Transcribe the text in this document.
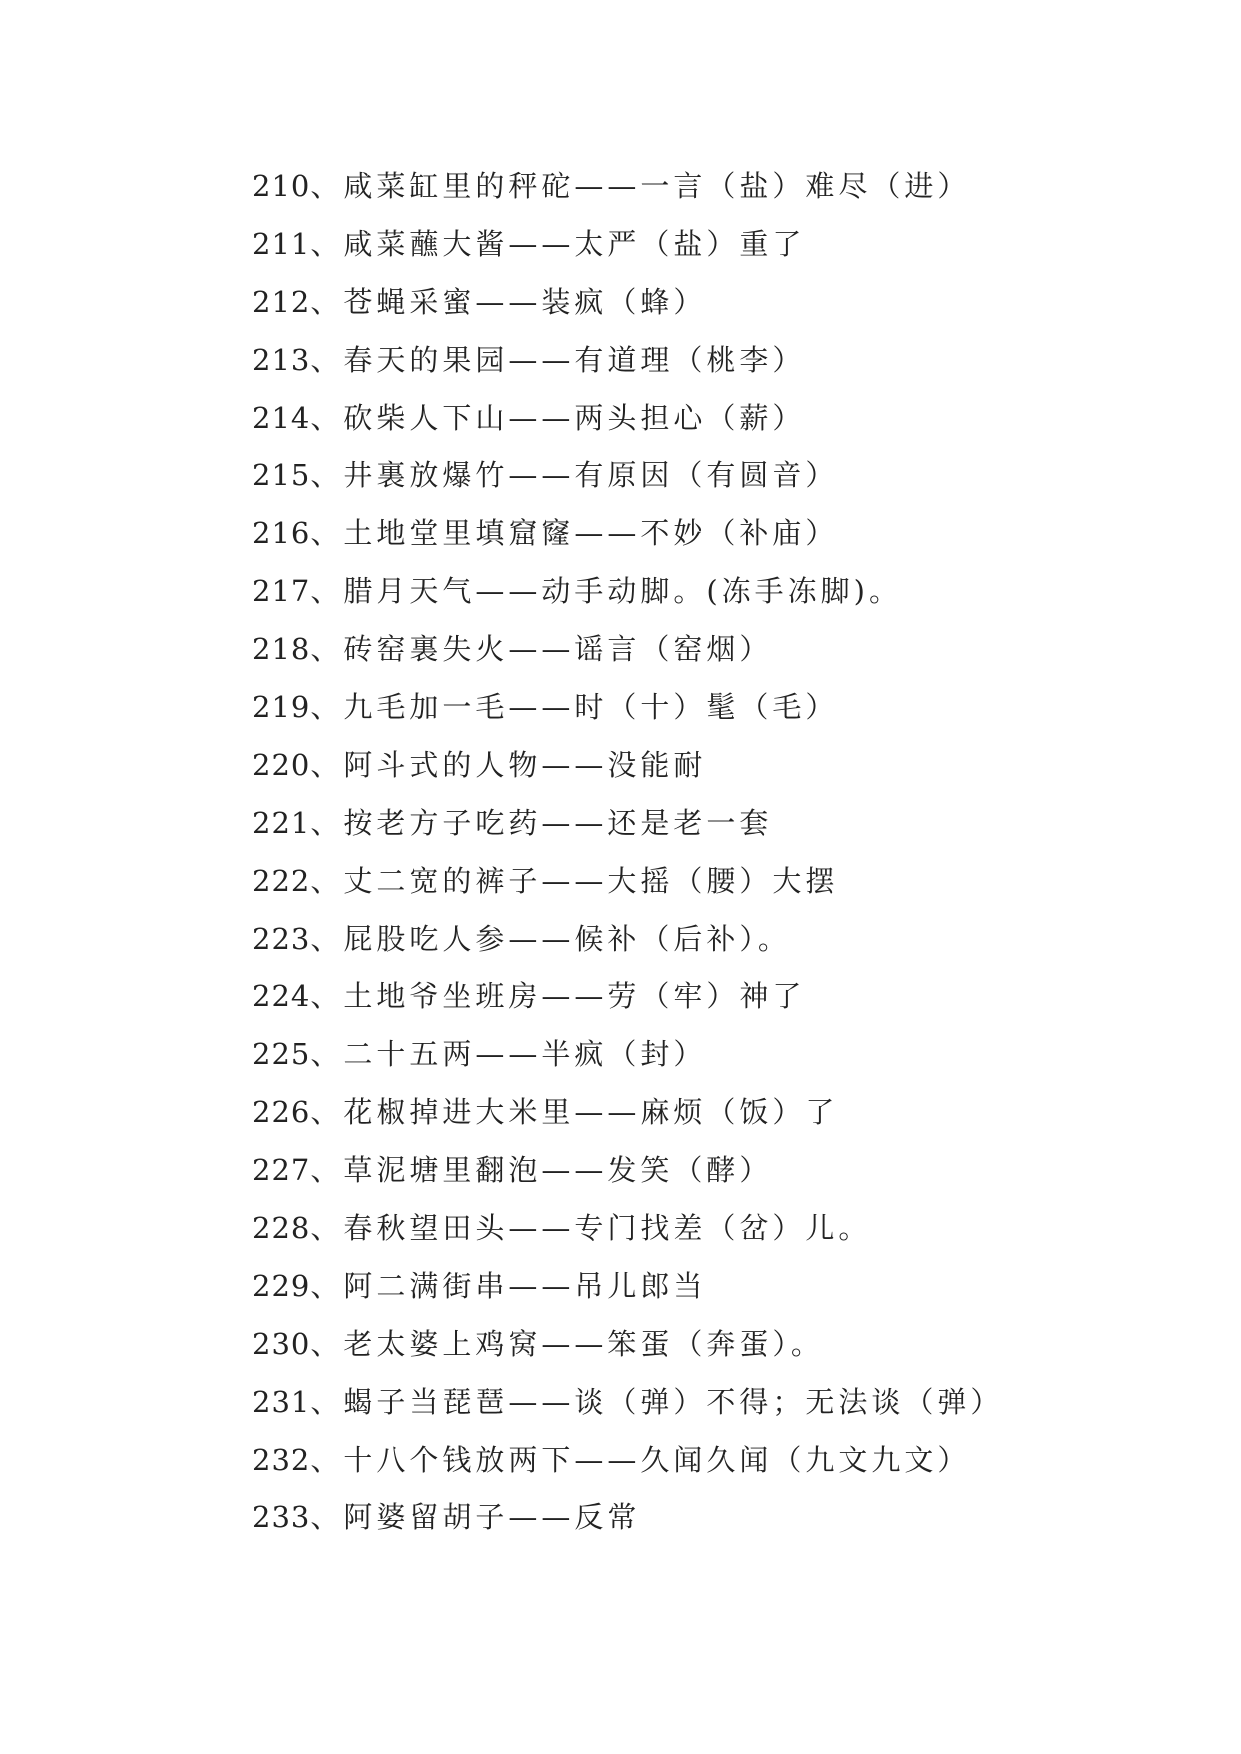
210、咸菜缸里的秤砣——一言（盐）难尽（进）
211、咸菜蘸大酱——太严（盐）重了
212、苍蝇采蜜——装疯（蜂）
213、春天的果园——有道理（桃李）
214、砍柴人下山——两头担心（薪）
215、井裏放爆竹——有原因（有圆音）
216、土地堂里填窟窿——不妙（补庙）
217、腊月天气——动手动脚。(冻手冻脚)。
218、砖窑裏失火——谣言（窑烟）
219、九毛加一毛——时（十）髦（毛）
220、阿斗式的人物——没能耐
221、按老方子吃药——还是老一套
222、丈二宽的裤子——大摇（腰）大摆
223、屁股吃人参——候补（后补）。
224、土地爷坐班房——劳（牢）神了
225、二十五两——半疯（封）
226、花椒掉进大米里——麻烦（饭）了
227、草泥塘里翻泡——发笑（酵）
228、春秋望田头——专门找差（岔）儿。
229、阿二满街串——吊儿郎当
230、老太婆上鸡窝——笨蛋（奔蛋）。
231、蝎子当琵琶——谈（弹）不得；无法谈（弹）
232、十八个钱放两下——久闻久闻（九文九文）
233、阿婆留胡子——反常
